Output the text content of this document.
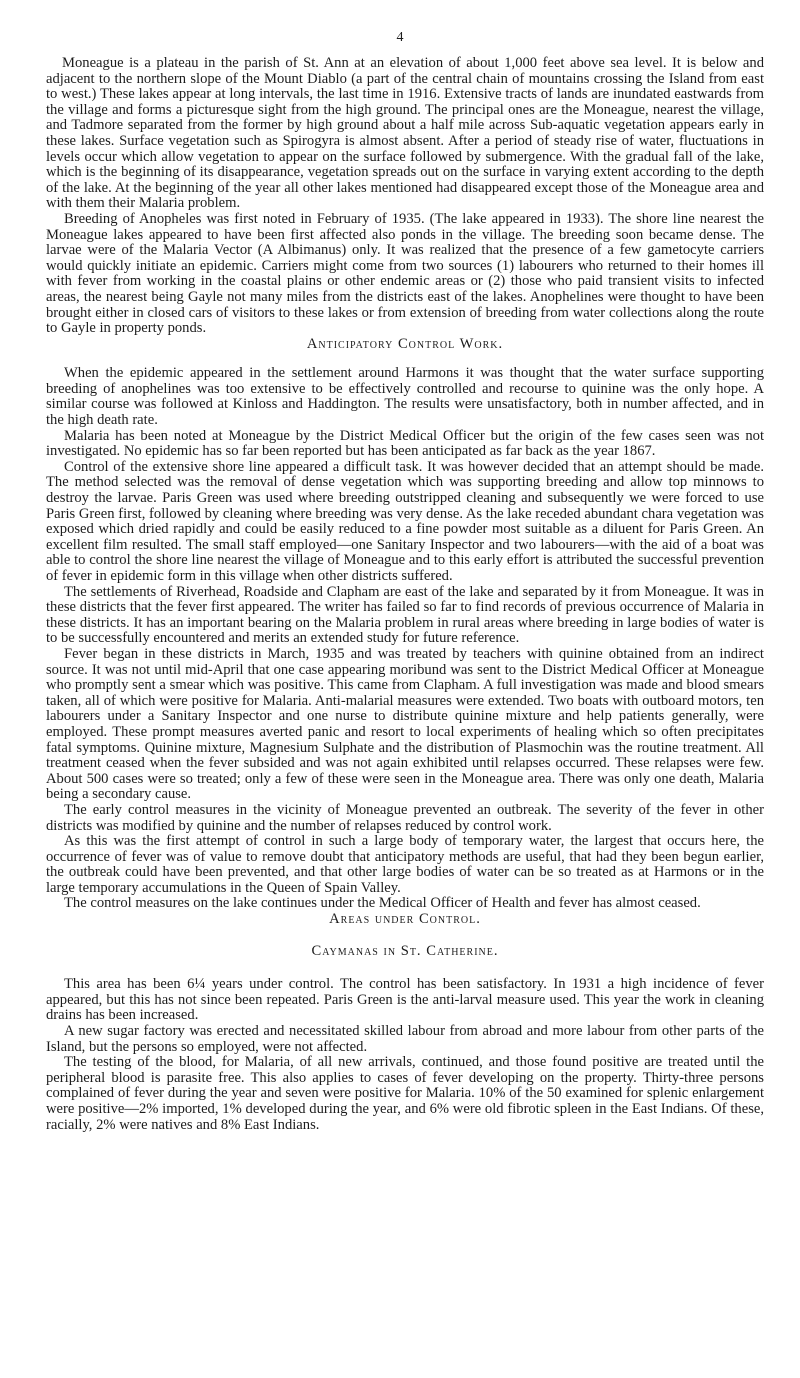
4

Moneague is a plateau in the parish of St. Ann at an elevation of about 1,000 feet above sea level. It is below and adjacent to the northern slope of the Mount Diablo (a part of the central chain of mountains crossing the Island from east to west.) These lakes appear at long intervals, the last time in 1916. Extensive tracts of lands are inundated eastwards from the village and forms a picturesque sight from the high ground. The principal ones are the Moneague, nearest the village, and Tadmore separated from the former by high ground about a half mile across Sub-aquatic vegetation appears early in these lakes. Surface vegetation such as Spirogyra is almost absent. After a period of steady rise of water, fluctuations in levels occur which allow vegetation to appear on the surface followed by submergence. With the gradual fall of the lake, which is the beginning of its disappearance, vegetation spreads out on the surface in varying extent according to the depth of the lake. At the beginning of the year all other lakes mentioned had disappeared except those of the Moneague area and with them their Malaria problem.

Breeding of Anopheles was first noted in February of 1935. (The lake appeared in 1933). The shore line nearest the Moneague lakes appeared to have been first affected also ponds in the village. The breeding soon became dense. The larvae were of the Malaria Vector (A Albimanus) only. It was realized that the presence of a few gametocyte carriers would quickly initiate an epidemic. Carriers might come from two sources (1) labourers who returned to their homes ill with fever from working in the coastal plains or other endemic areas or (2) those who paid transient visits to infected areas, the nearest being Gayle not many miles from the districts east of the lakes. Anophelines were thought to have been brought either in closed cars of visitors to these lakes or from extension of breeding from water collections along the route to Gayle in property ponds.

Anticipatory Control Work.

When the epidemic appeared in the settlement around Harmons it was thought that the water surface supporting breeding of anophelines was too extensive to be effectively controlled and recourse to quinine was the only hope. A similar course was followed at Kinloss and Haddington. The results were unsatisfactory, both in number affected, and in the high death rate.

Malaria has been noted at Moneague by the District Medical Officer but the origin of the few cases seen was not investigated. No epidemic has so far been reported but has been anticipated as far back as the year 1867.

Control of the extensive shore line appeared a difficult task. It was however decided that an attempt should be made. The method selected was the removal of dense vegetation which was supporting breeding and allow top minnows to destroy the larvae. Paris Green was used where breeding outstripped cleaning and subsequently we were forced to use Paris Green first, followed by cleaning where breeding was very dense. As the lake receded abundant chara vegetation was exposed which dried rapidly and could be easily reduced to a fine powder most suitable as a diluent for Paris Green. An excellent film resulted. The small staff employed—one Sanitary Inspector and two labourers—with the aid of a boat was able to control the shore line nearest the village of Moneague and to this early effort is attributed the successful prevention of fever in epidemic form in this village when other districts suffered.

The settlements of Riverhead, Roadside and Clapham are east of the lake and separated by it from Moneague. It was in these districts that the fever first appeared. The writer has failed so far to find records of previous occurrence of Malaria in these districts. It has an important bearing on the Malaria problem in rural areas where breeding in large bodies of water is to be successfully encountered and merits an extended study for future reference.

Fever began in these districts in March, 1935 and was treated by teachers with quinine obtained from an indirect source. It was not until mid-April that one case appearing moribund was sent to the District Medical Officer at Moneague who promptly sent a smear which was positive. This came from Clapham. A full investigation was made and blood smears taken, all of which were positive for Malaria. Anti-malarial measures were extended. Two boats with outboard motors, ten labourers under a Sanitary Inspector and one nurse to distribute quinine mixture and help patients generally, were employed. These prompt measures averted panic and resort to local experiments of healing which so often precipitates fatal symptoms. Quinine mixture, Magnesium Sulphate and the distribution of Plasmochin was the routine treatment. All treatment ceased when the fever subsided and was not again exhibited until relapses occurred. These relapses were few. About 500 cases were so treated; only a few of these were seen in the Moneague area. There was only one death, Malaria being a secondary cause.

The early control measures in the vicinity of Moneague prevented an outbreak. The severity of the fever in other districts was modified by quinine and the number of relapses reduced by control work.

As this was the first attempt of control in such a large body of temporary water, the largest that occurs here, the occurrence of fever was of value to remove doubt that anticipatory methods are useful, that had they been begun earlier, the outbreak could have been prevented, and that other large bodies of water can be so treated as at Harmons or in the large temporary accumulations in the Queen of Spain Valley.

The control measures on the lake continues under the Medical Officer of Health and fever has almost ceased.

Areas under Control.
Caymanas in St. Catherine.

This area has been 6¼ years under control. The control has been satisfactory. In 1931 a high incidence of fever appeared, but this has not since been repeated. Paris Green is the anti-larval measure used. This year the work in cleaning drains has been increased.

A new sugar factory was erected and necessitated skilled labour from abroad and more labour from other parts of the Island, but the persons so employed, were not affected.

The testing of the blood, for Malaria, of all new arrivals, continued, and those found positive are treated until the peripheral blood is parasite free. This also applies to cases of fever developing on the property. Thirty-three persons complained of fever during the year and seven were positive for Malaria. 10% of the 50 examined for splenic enlargement were positive—2% imported, 1% developed during the year, and 6% were old fibrotic spleen in the East Indians. Of these, racially, 2% were natives and 8% East Indians.
